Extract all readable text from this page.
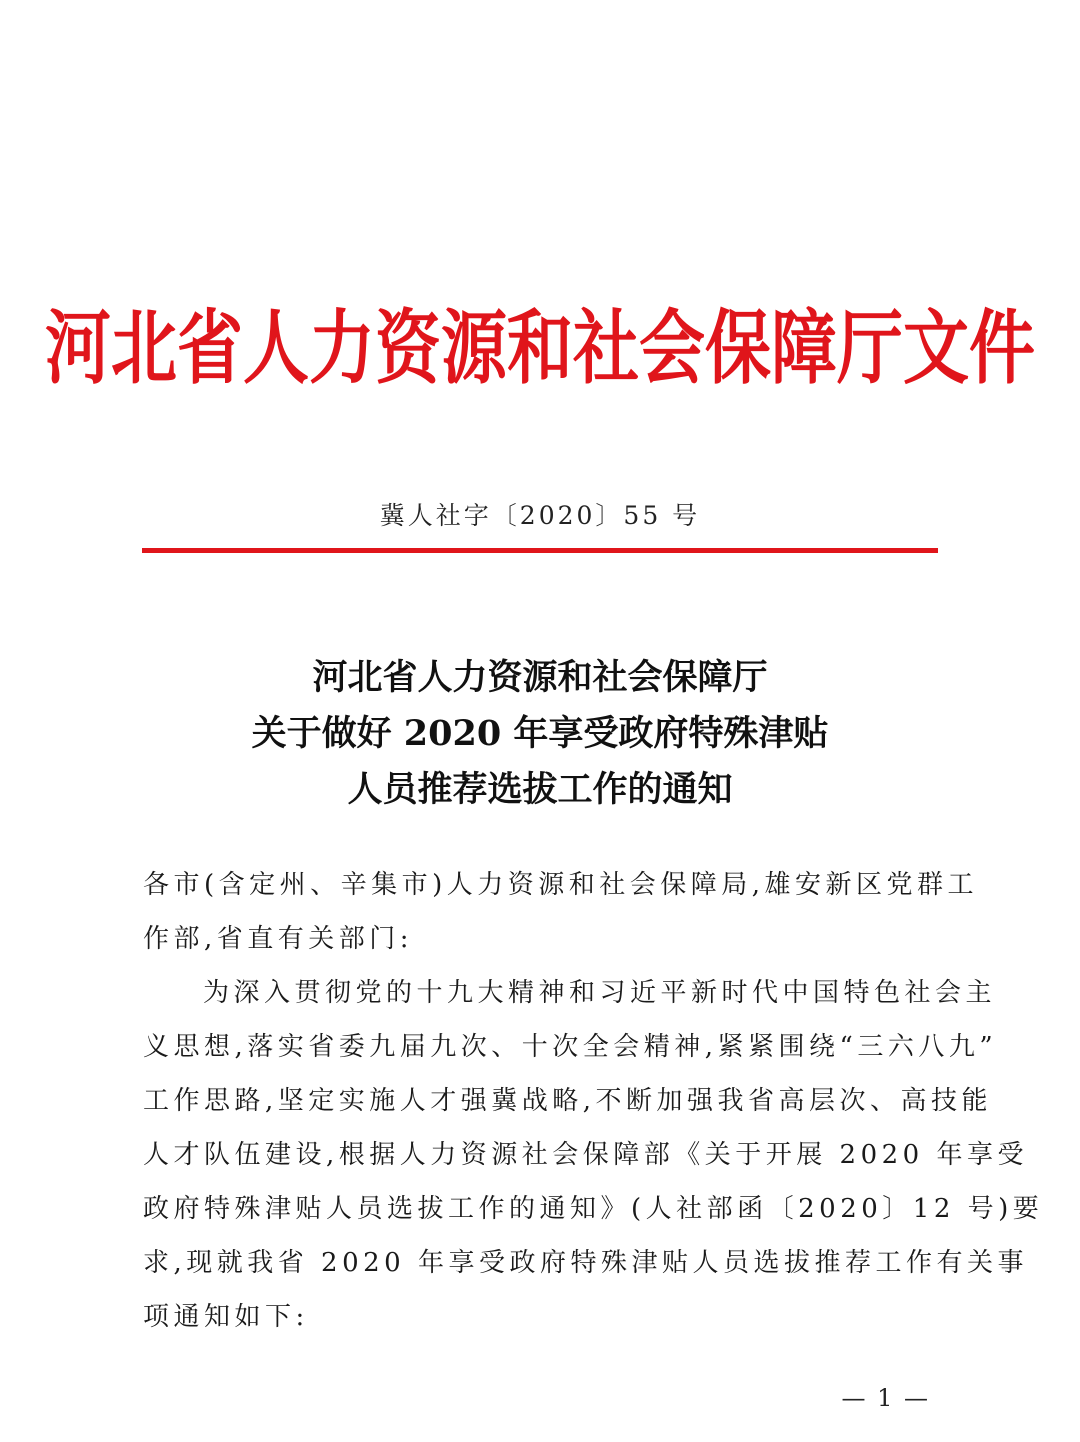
河北省人力资源和社会保障厅文件
冀人社字〔2020〕55 号
河北省人力资源和社会保障厅
关于做好 2020 年享受政府特殊津贴
人员推荐选拔工作的通知
各市(含定州、辛集市)人力资源和社会保障局,雄安新区党群工
作部,省直有关部门:
为深入贯彻党的十九大精神和习近平新时代中国特色社会主
义思想,落实省委九届九次、十次全会精神,紧紧围绕“三六八九”
工作思路,坚定实施人才强冀战略,不断加强我省高层次、高技能
人才队伍建设,根据人力资源社会保障部《关于开展 2020 年享受
政府特殊津贴人员选拔工作的通知》(人社部函〔2020〕12 号)要
求,现就我省 2020 年享受政府特殊津贴人员选拔推荐工作有关事
项通知如下:
— 1 —
